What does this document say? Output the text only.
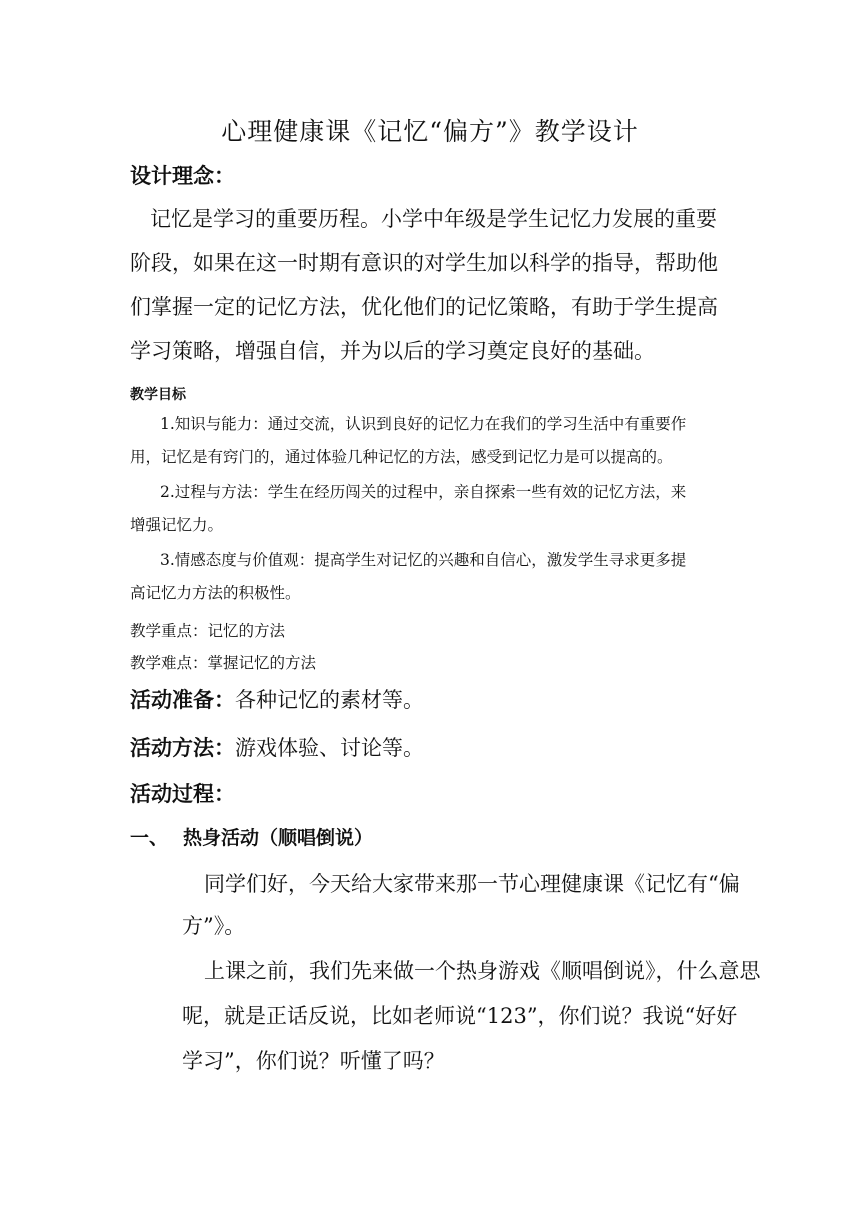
心理健康课《记忆“偏方”》教学设计
设计理念：
记忆是学习的重要历程。小学中年级是学生记忆力发展的重要
阶段，如果在这一时期有意识的对学生加以科学的指导，帮助他
们掌握一定的记忆方法，优化他们的记忆策略，有助于学生提高
学习策略，增强自信，并为以后的学习奠定良好的基础。
教学目标
1.知识与能力：通过交流，认识到良好的记忆力在我们的学习生活中有重要作
用，记忆是有窍门的，通过体验几种记忆的方法，感受到记忆力是可以提高的。
2.过程与方法：学生在经历闯关的过程中，亲自探索一些有效的记忆方法，来
增强记忆力。
3.情感态度与价值观：提高学生对记忆的兴趣和自信心，激发学生寻求更多提
高记忆力方法的积极性。
教学重点：记忆的方法
教学难点：掌握记忆的方法
活动准备：各种记忆的素材等。
活动方法：游戏体验、讨论等。
活动过程：
一、 热身活动（顺唱倒说）
同学们好，今天给大家带来那一节心理健康课《记忆有“偏
方”》。
上课之前，我们先来做一个热身游戏《顺唱倒说》，什么意思
呢，就是正话反说，比如老师说“123”，你们说？我说“好好
学习”，你们说？听懂了吗？
